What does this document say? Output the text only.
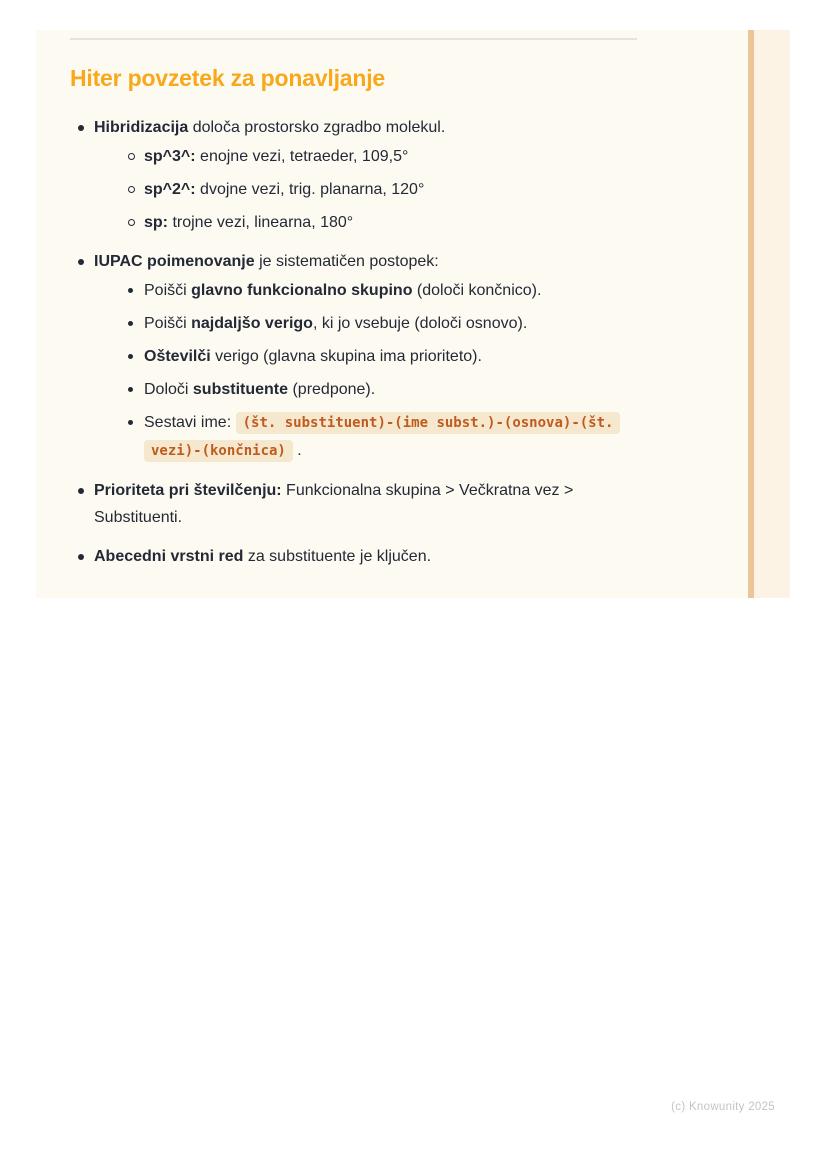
Hiter povzetek za ponavljanje
Hibridizacija določa prostorsko zgradbo molekul.
sp^3^: enojne vezi, tetraeder, 109,5°
sp^2^: dvojne vezi, trig. planarna, 120°
sp: trojne vezi, linearna, 180°
IUPAC poimenovanje je sistematičen postopek:
Poišči glavno funkcionalno skupino (določi končnico).
Poišči najdaljšo verigo, ki jo vsebuje (določi osnovo).
Oštevilči verigo (glavna skupina ima prioriteto).
Določi substituente (predpone).
Sestavi ime: (št. substituent)-(ime subst.)-(osnova)-(št. vezi)-(končnica) .
Prioriteta pri številčenju: Funkcionalna skupina > Večkratna vez > Substituenti.
Abecedni vrstni red za substituente je ključen.
(c) Knowunity 2025
